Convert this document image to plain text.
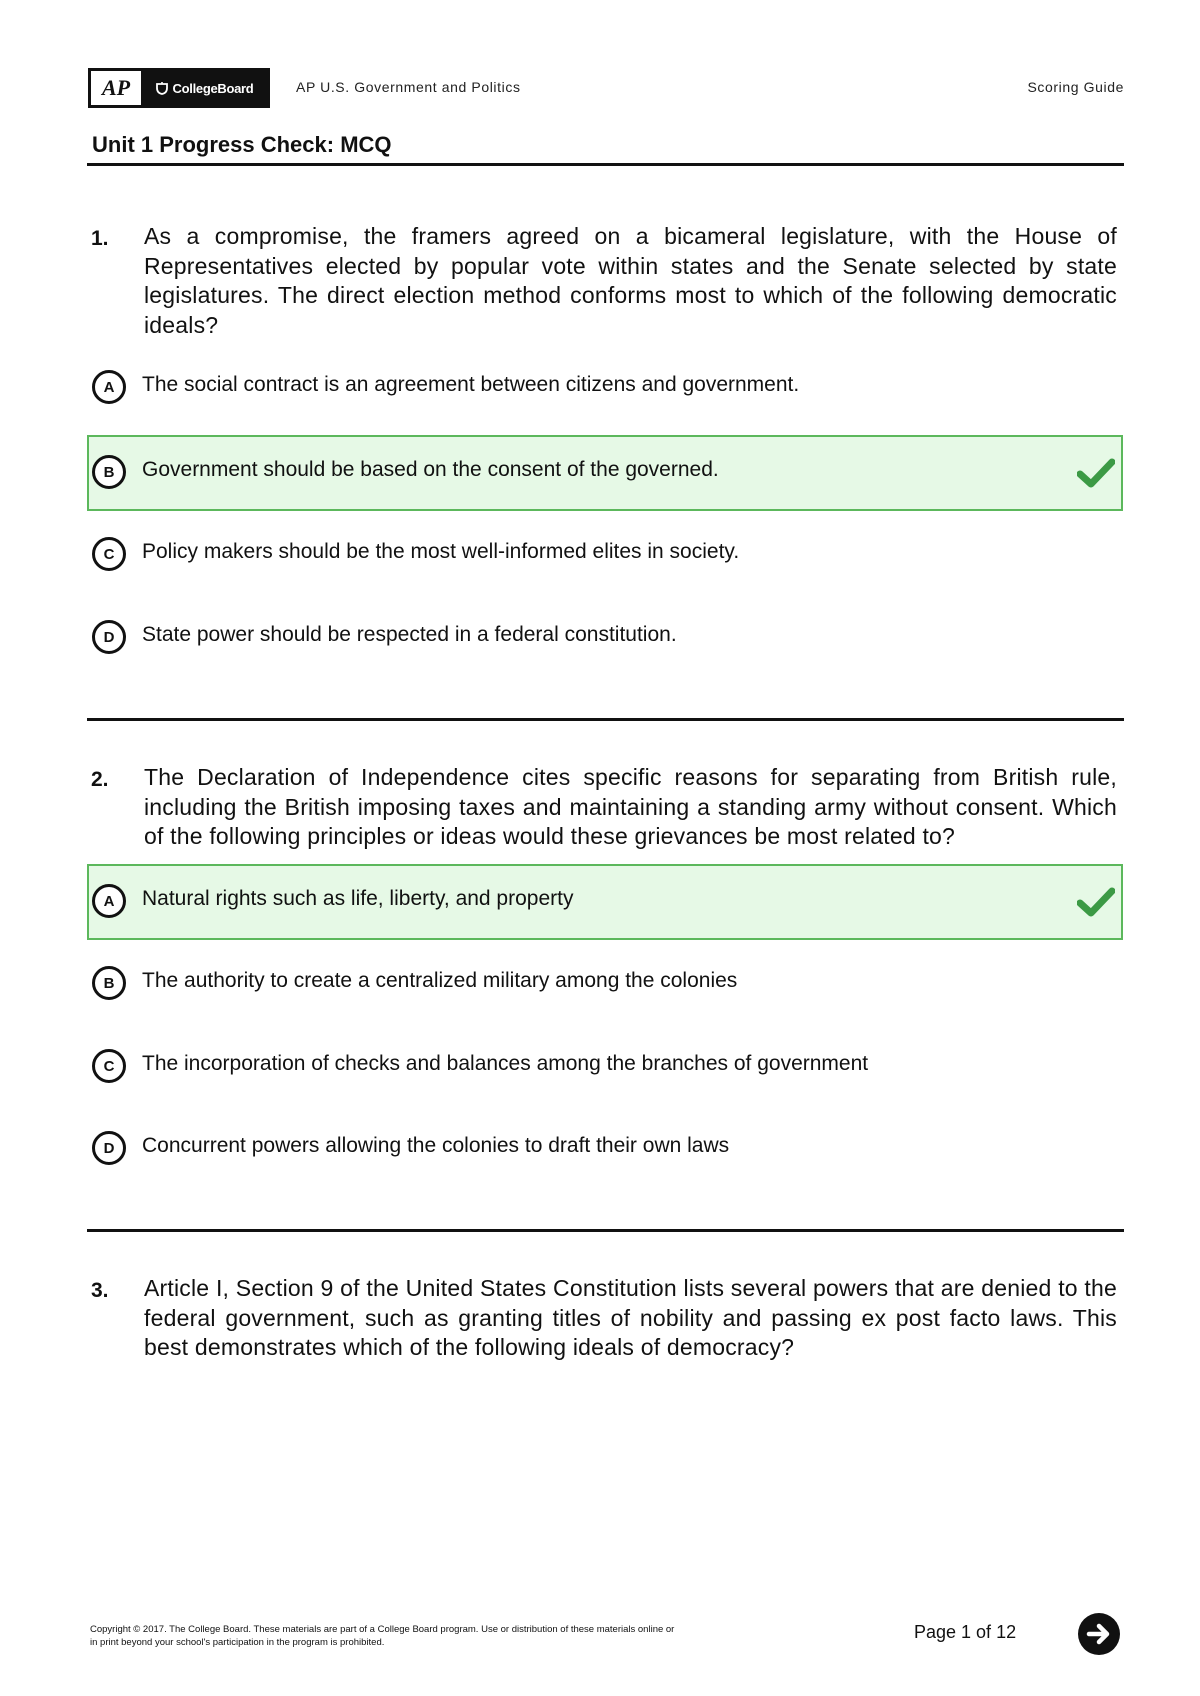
AP	CollegeBoard	AP U.S. Government and Politics	Scoring Guide
Unit 1 Progress Check: MCQ
1. As a compromise, the framers agreed on a bicameral legislature, with the House of Representatives elected by popular vote within states and the Senate selected by state legislatures. The direct election method conforms most to which of the following democratic ideals?
A	The social contract is an agreement between citizens and government.
B	Government should be based on the consent of the governed.
C	Policy makers should be the most well-informed elites in society.
D	State power should be respected in a federal constitution.
2. The Declaration of Independence cites specific reasons for separating from British rule, including the British imposing taxes and maintaining a standing army without consent. Which of the following principles or ideas would these grievances be most related to?
A	Natural rights such as life, liberty, and property
B	The authority to create a centralized military among the colonies
C	The incorporation of checks and balances among the branches of government
D	Concurrent powers allowing the colonies to draft their own laws
3. Article I, Section 9 of the United States Constitution lists several powers that are denied to the federal government, such as granting titles of nobility and passing ex post facto laws. This best demonstrates which of the following ideals of democracy?
Copyright © 2017. The College Board. These materials are part of a College Board program. Use or distribution of these materials online or
in print beyond your school's participation in the program is prohibited.
Page 1 of 12
